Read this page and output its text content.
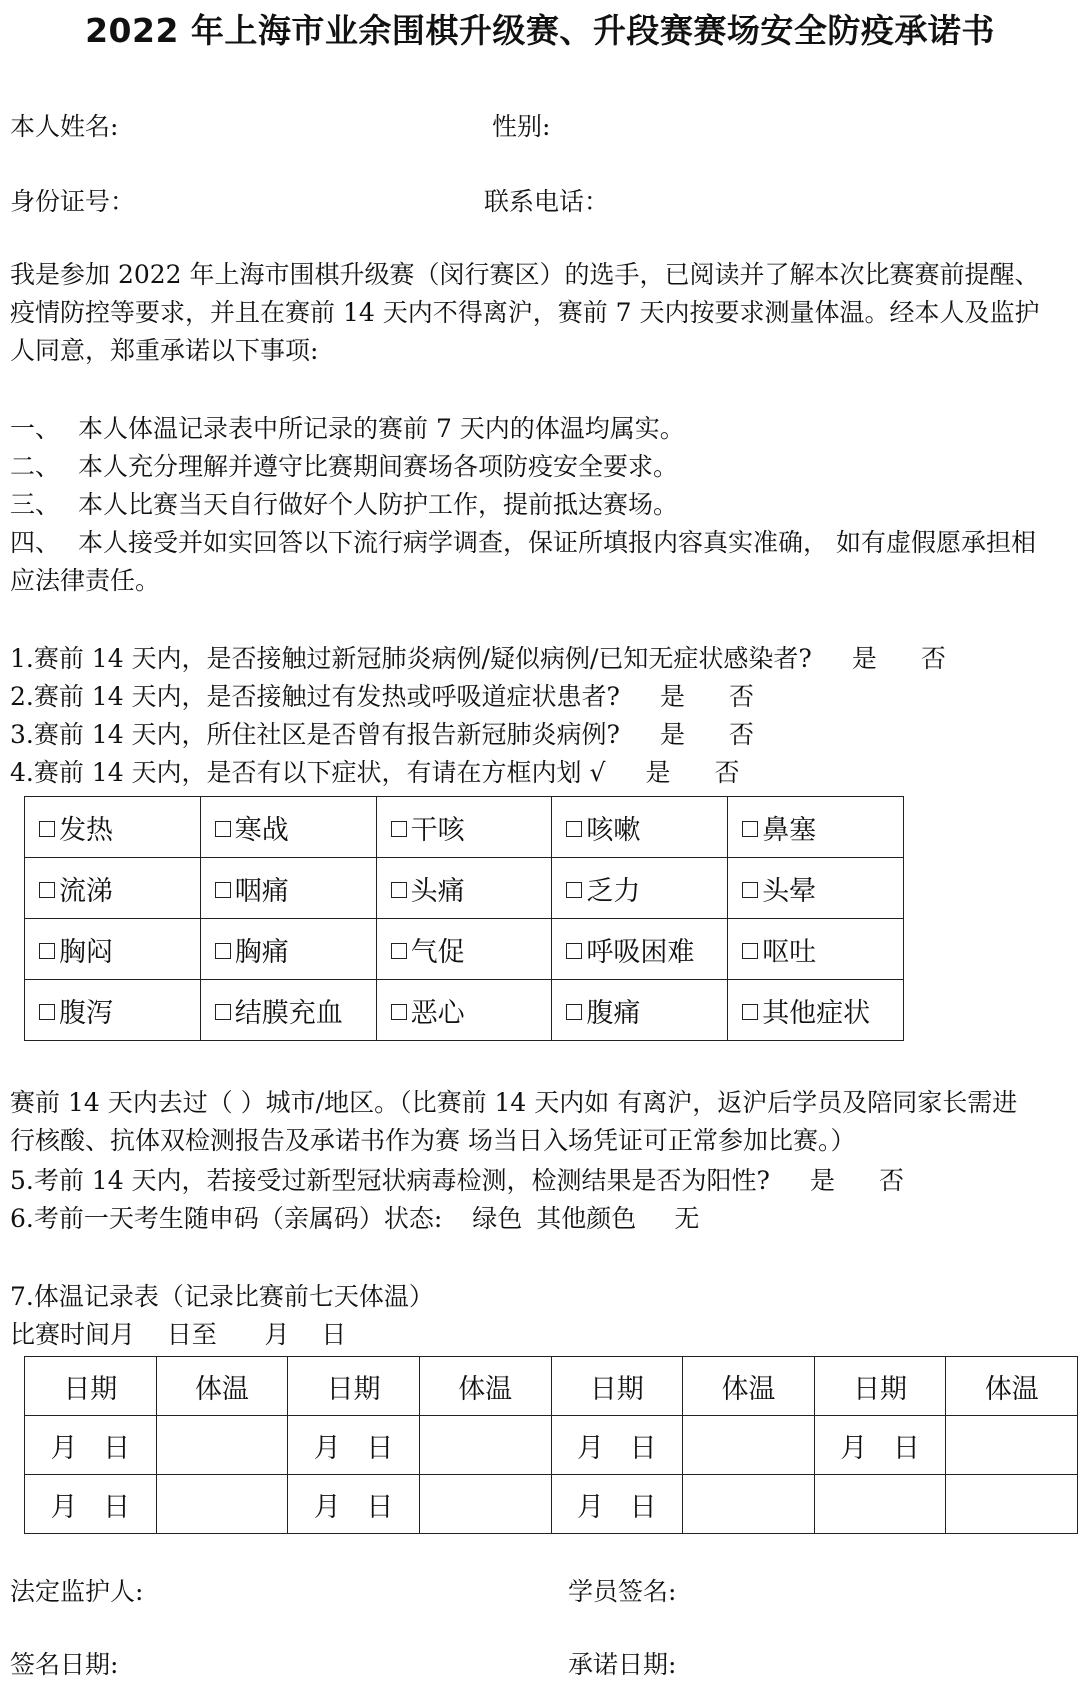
2022 年上海市业余围棋升级赛、升段赛赛场安全防疫承诺书
本人姓名:	性别:
身份证号：	联系电话：
我是参加 2022 年上海市围棋升级赛（闵行赛区）的选手，已阅读并了解本次比赛赛前提醒、疫情防控等要求，并且在赛前 14 天内不得离沪，赛前 7 天内按要求测量体温。经本人及监护人同意，郑重承诺以下事项:
一、 本人体温记录表中所记录的赛前 7 天内的体温均属实。
二、 本人充分理解并遵守比赛期间赛场各项防疫安全要求。
三、 本人比赛当天自行做好个人防护工作，提前抵达赛场。
四、 本人接受并如实回答以下流行病学调查，保证所填报内容真实准确， 如有虚假愿承担相应法律责任。
1.赛前 14 天内，是否接触过新冠肺炎病例/疑似病例/已知无症状感染者? 是 否
2.赛前 14 天内，是否接触过有发热或呼吸道症状患者? 是 否
3.赛前 14 天内，所住社区是否曾有报告新冠肺炎病例? 是 否
4.赛前 14 天内，是否有以下症状，有请在方框内划 √ 是 否
发热	寒战	干咳	咳嗽	鼻塞
流涕	咽痛	头痛	乏力	头晕
胸闷	胸痛	气促	呼吸困难	呕吐
腹泻	结膜充血	恶心	腹痛	其他症状
赛前 14 天内去过（ ）城市/地区。（比赛前 14 天内如 有离沪，返沪后学员及陪同家长需进行核酸、抗体双检测报告及承诺书作为赛 场当日入场凭证可正常参加比赛。）
5.考前 14 天内，若接受过新型冠状病毒检测，检测结果是否为阳性? 是 否
6.考前一天考生随申码（亲属码）状态: 绿色 其他颜色 无
7.体温记录表（记录比赛前七天体温）
比赛时间月    日至      月    日
日期	体温	日期	体温	日期	体温	日期	体温
月   日		月   日		月   日		月   日	
月   日		月   日		月   日			
法定监护人:	学员签名:
签名日期:	承诺日期:
